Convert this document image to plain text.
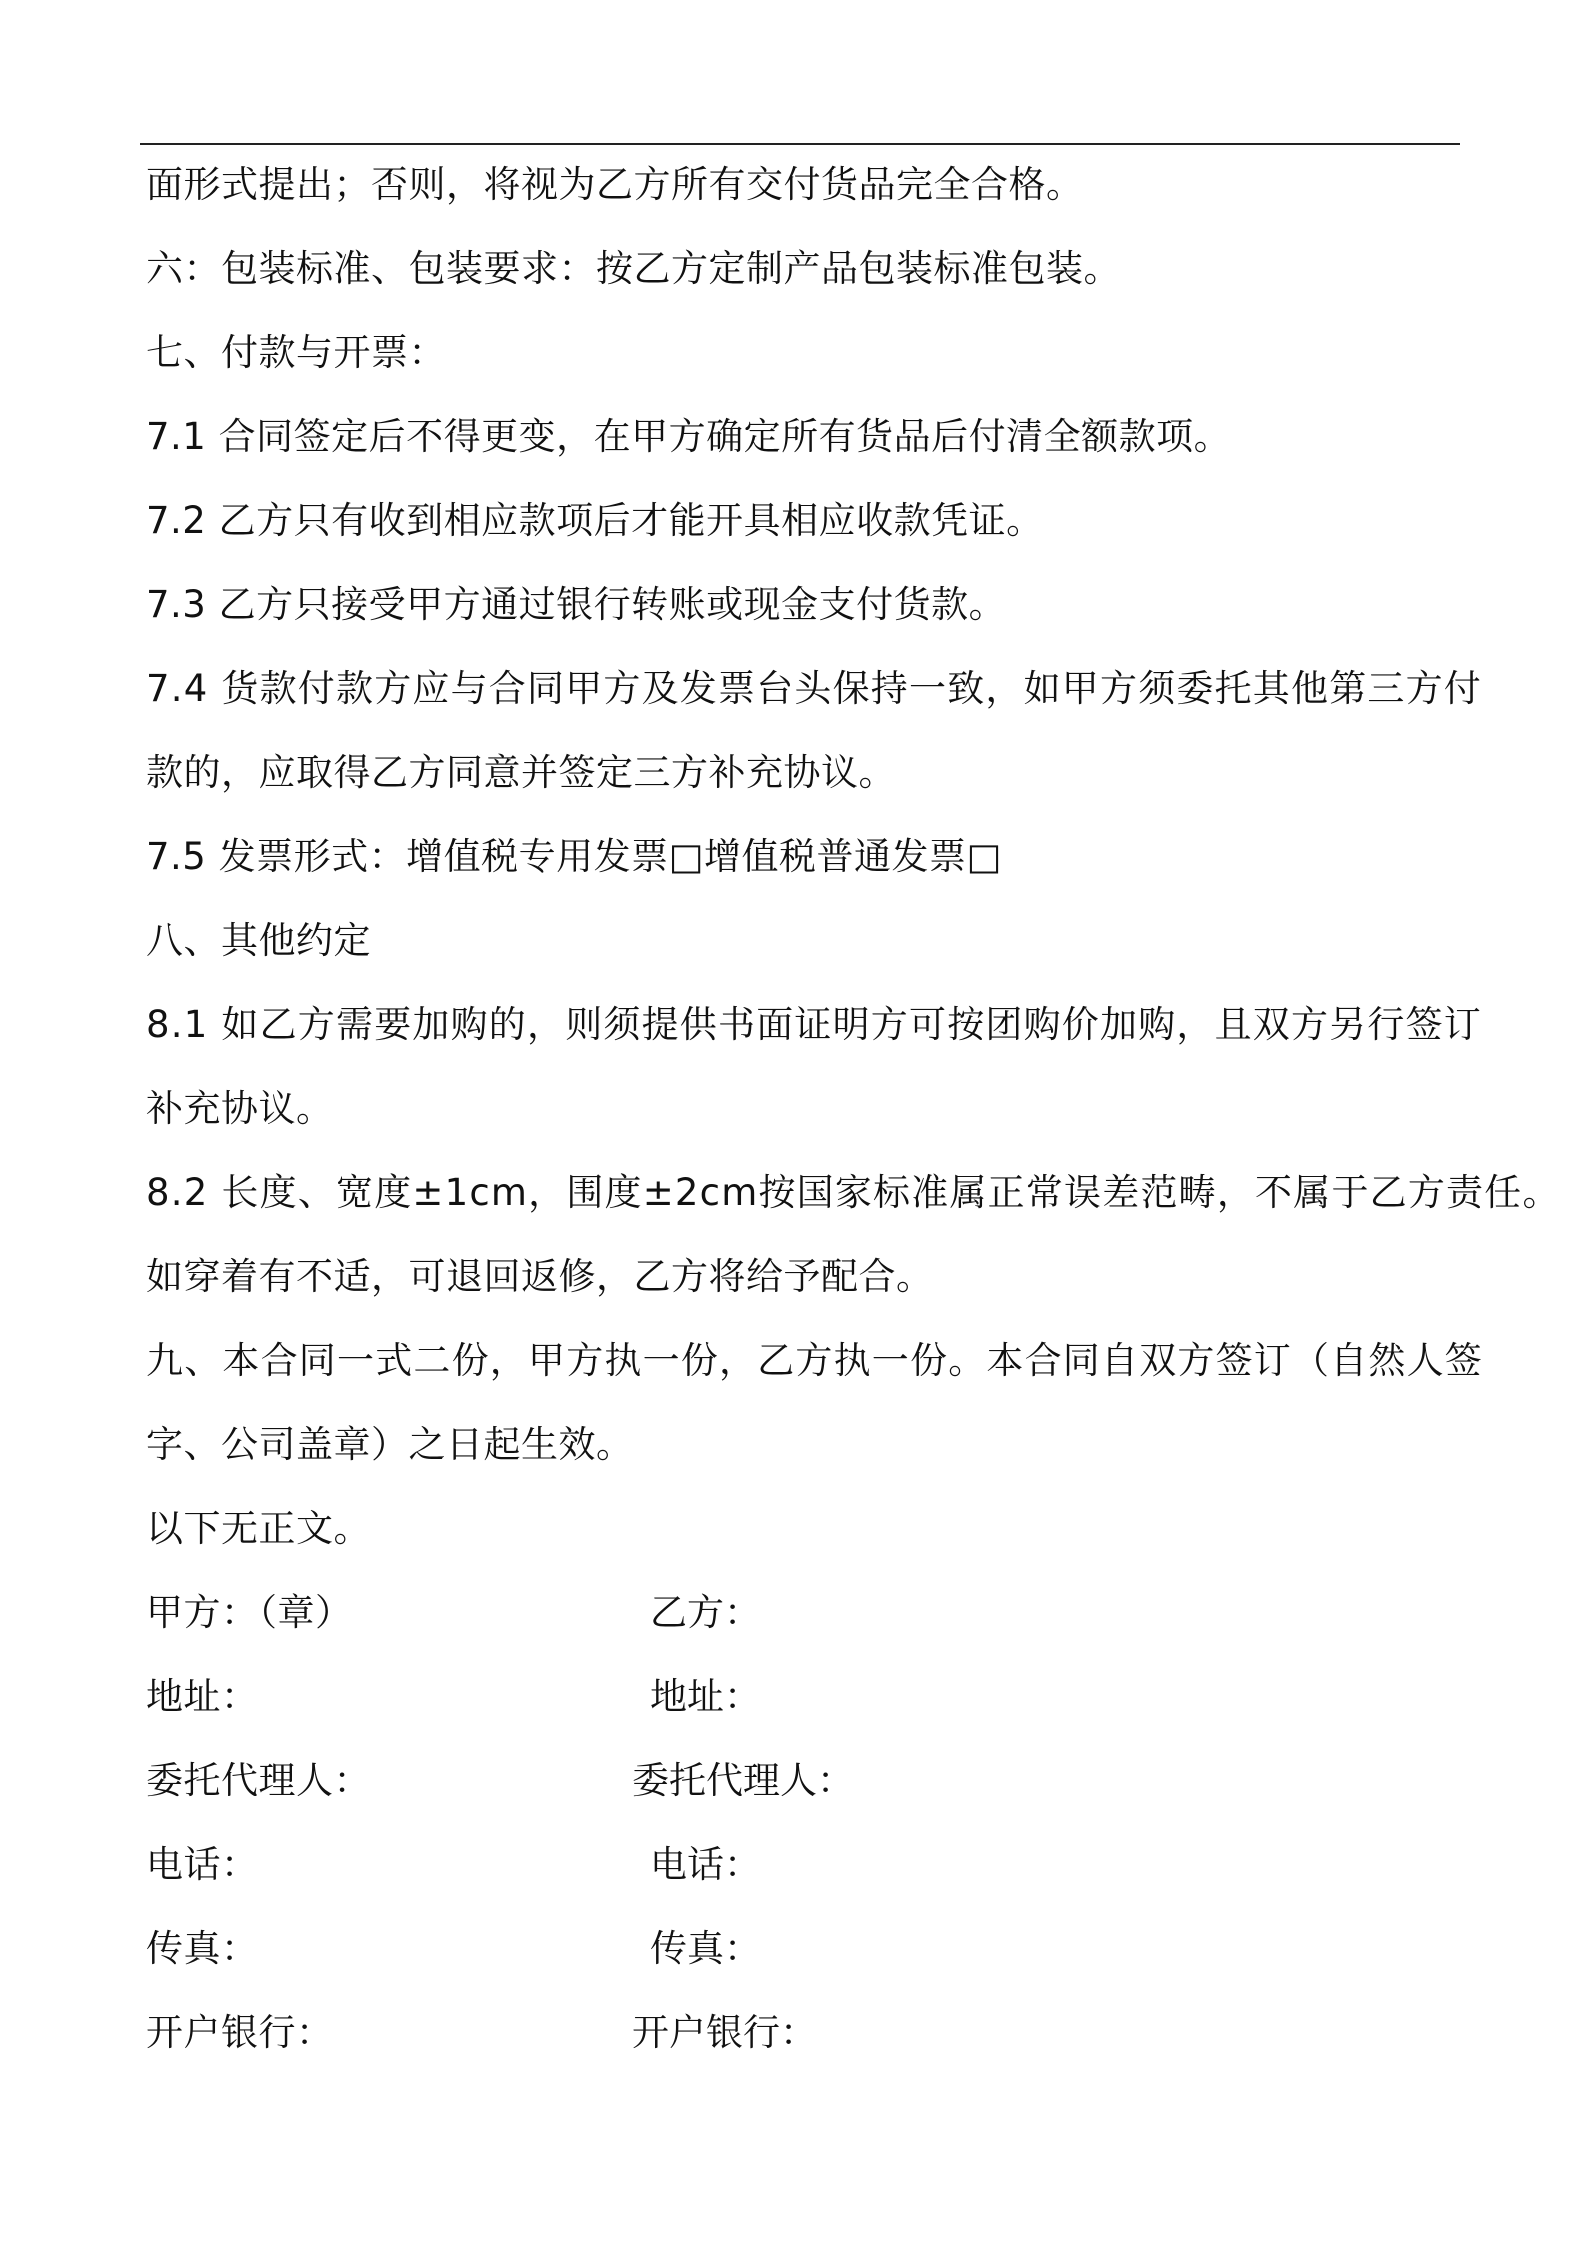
面形式提出；否则，将视为乙方所有交付货品完全合格。
六：包装标准、包装要求：按乙方定制产品包装标准包装。
七、付款与开票：
7.1 合同签定后不得更变，在甲方确定所有货品后付清全额款项。
7.2 乙方只有收到相应款项后才能开具相应收款凭证。
7.3 乙方只接受甲方通过银行转账或现金支付货款。
7.4 货款付款方应与合同甲方及发票台头保持一致，如甲方须委托其他第三方付
款的，应取得乙方同意并签定三方补充协议。
7.5 发票形式：增值税专用发票□增值税普通发票□
八、其他约定
8.1 如乙方需要加购的，则须提供书面证明方可按团购价加购，且双方另行签订
补充协议。
8.2 长度、宽度±1cm，围度±2cm按国家标准属正常误差范畴，不属于乙方责任。
如穿着有不适，可退回返修，乙方将给予配合。
九、本合同一式二份，甲方执一份，乙方执一份。本合同自双方签订（自然人签
字、公司盖章）之日起生效。
以下无正文。
甲方：（章）	乙方：
地址：	地址：
委托代理人：	委托代理人：
电话：	电话：
传真：	传真：
开户银行：	开户银行：
